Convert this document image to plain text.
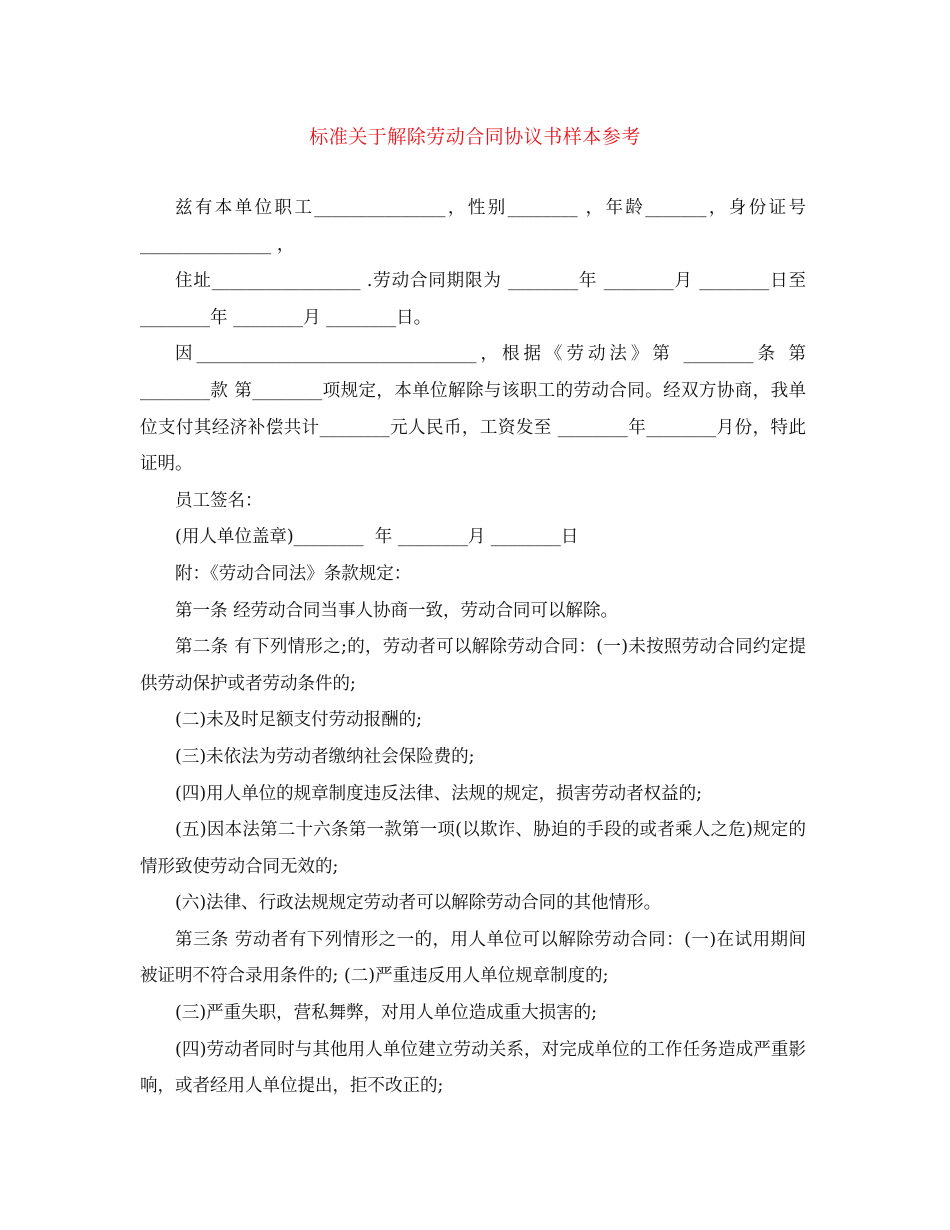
标准关于解除劳动合同协议书样本参考

兹有本单位职工_______________，性别________ ，年龄_______，身份证号_______________ ，

住址_________________ .劳动合同期限为 ________年 ________月 ________日至 ________年 ________月 ________日。

因________________________________，根据《劳动法》第 ________条 第 ________款 第________项规定，本单位解除与该职工的劳动合同。经双方协商，我单位支付其经济补偿共计________元人民币，工资发至 ________年________月份，特此证明。

员工签名：

(用人单位盖章)________  年 ________月 ________日

附：《劳动合同法》条款规定：

第一条 经劳动合同当事人协商一致，劳动合同可以解除。

第二条 有下列情形之;的，劳动者可以解除劳动合同：(一)未按照劳动合同约定提供劳动保护或者劳动条件的;

(二)未及时足额支付劳动报酬的;

(三)未依法为劳动者缴纳社会保险费的;

(四)用人单位的规章制度违反法律、法规的规定，损害劳动者权益的;

(五)因本法第二十六条第一款第一项(以欺诈、胁迫的手段的或者乘人之危)规定的情形致使劳动合同无效的;

(六)法律、行政法规规定劳动者可以解除劳动合同的其他情形。

第三条 劳动者有下列情形之一的，用人单位可以解除劳动合同：(一)在试用期间被证明不符合录用条件的; (二)严重违反用人单位规章制度的;

(三)严重失职，营私舞弊，对用人单位造成重大损害的;

(四)劳动者同时与其他用人单位建立劳动关系，对完成单位的工作任务造成严重影响，或者经用人单位提出，拒不改正的;
